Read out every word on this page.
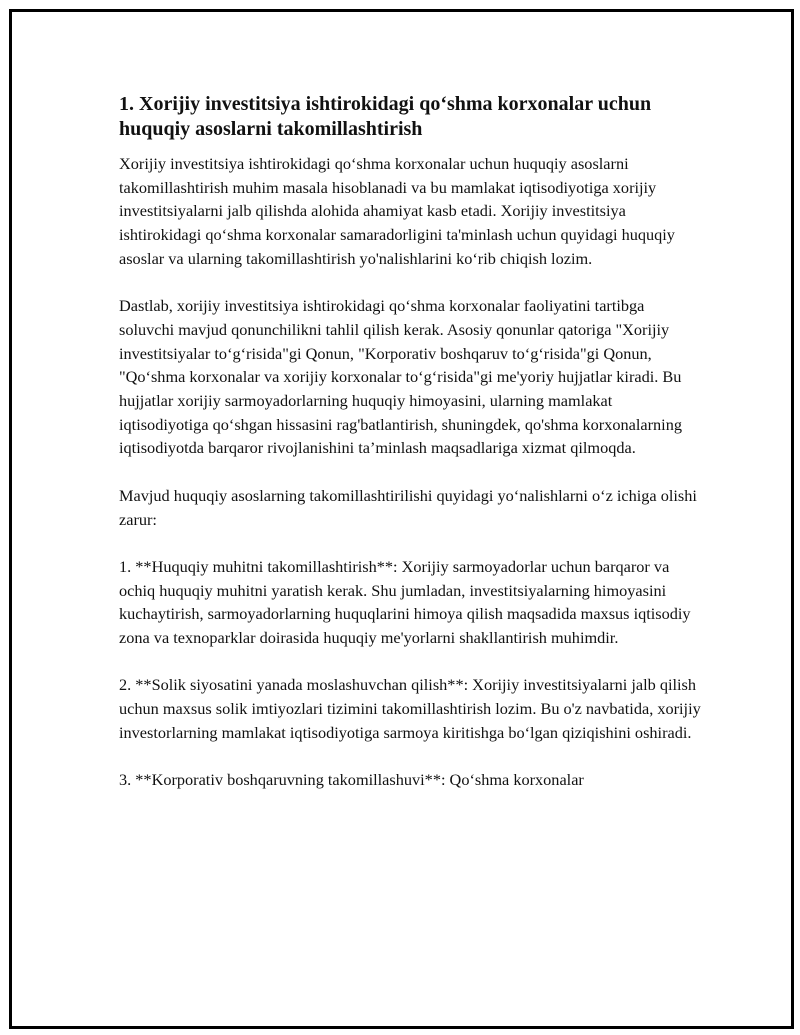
1. Xorijiy investitsiya ishtirokidagi qo‘shma korxonalar uchun huquqiy asoslarni takomillashtirish

Xorijiy investitsiya ishtirokidagi qo‘shma korxonalar uchun huquqiy asoslarni takomillashtirish muhim masala hisoblanadi va bu mamlakat iqtisodiyotiga xorijiy investitsiyalarni jalb qilishda alohida ahamiyat kasb etadi. Xorijiy investitsiya ishtirokidagi qo‘shma korxonalar samaradorligini ta'minlash uchun quyidagi huquqiy asoslar va ularning takomillashtirish yo'nalishlarini ko‘rib chiqish lozim.

Dastlab, xorijiy investitsiya ishtirokidagi qo‘shma korxonalar faoliyatini tartibga soluvchi mavjud qonunchilikni tahlil qilish kerak. Asosiy qonunlar qatoriga "Xorijiy investitsiyalar to‘g‘risida"gi Qonun, "Korporativ boshqaruv to‘g‘risida"gi Qonun, "Qo‘shma korxonalar va xorijiy korxonalar to‘g‘risida"gi me'yoriy hujjatlar kiradi. Bu hujjatlar xorijiy sarmoyadorlarning huquqiy himoyasini, ularning mamlakat iqtisodiyotiga qo‘shgan hissasini rag'batlantirish, shuningdek, qo'shma korxonalarning iqtisodiyotda barqaror rivojlanishini ta’minlash maqsadlariga xizmat qilmoqda.

Mavjud huquqiy asoslarning takomillashtirilishi quyidagi yo‘nalishlarni o‘z ichiga olishi zarur:

1. **Huquqiy muhitni takomillashtirish**: Xorijiy sarmoyadorlar uchun barqaror va ochiq huquqiy muhitni yaratish kerak. Shu jumladan, investitsiyalarning himoyasini kuchaytirish, sarmoyadorlarning huquqlarini himoya qilish maqsadida maxsus iqtisodiy zona va texnoparklar doirasida huquqiy me'yorlarni shakllantirish muhimdir.

2. **Solik siyosatini yanada moslashuvchan qilish**: Xorijiy investitsiyalarni jalb qilish uchun maxsus solik imtiyozlari tizimini takomillashtirish lozim. Bu o'z navbatida, xorijiy investorlarning mamlakat iqtisodiyotiga sarmoya kiritishga bo‘lgan qiziqishini oshiradi.

3. **Korporativ boshqaruvning takomillashuvi**: Qo‘shma korxonalar
